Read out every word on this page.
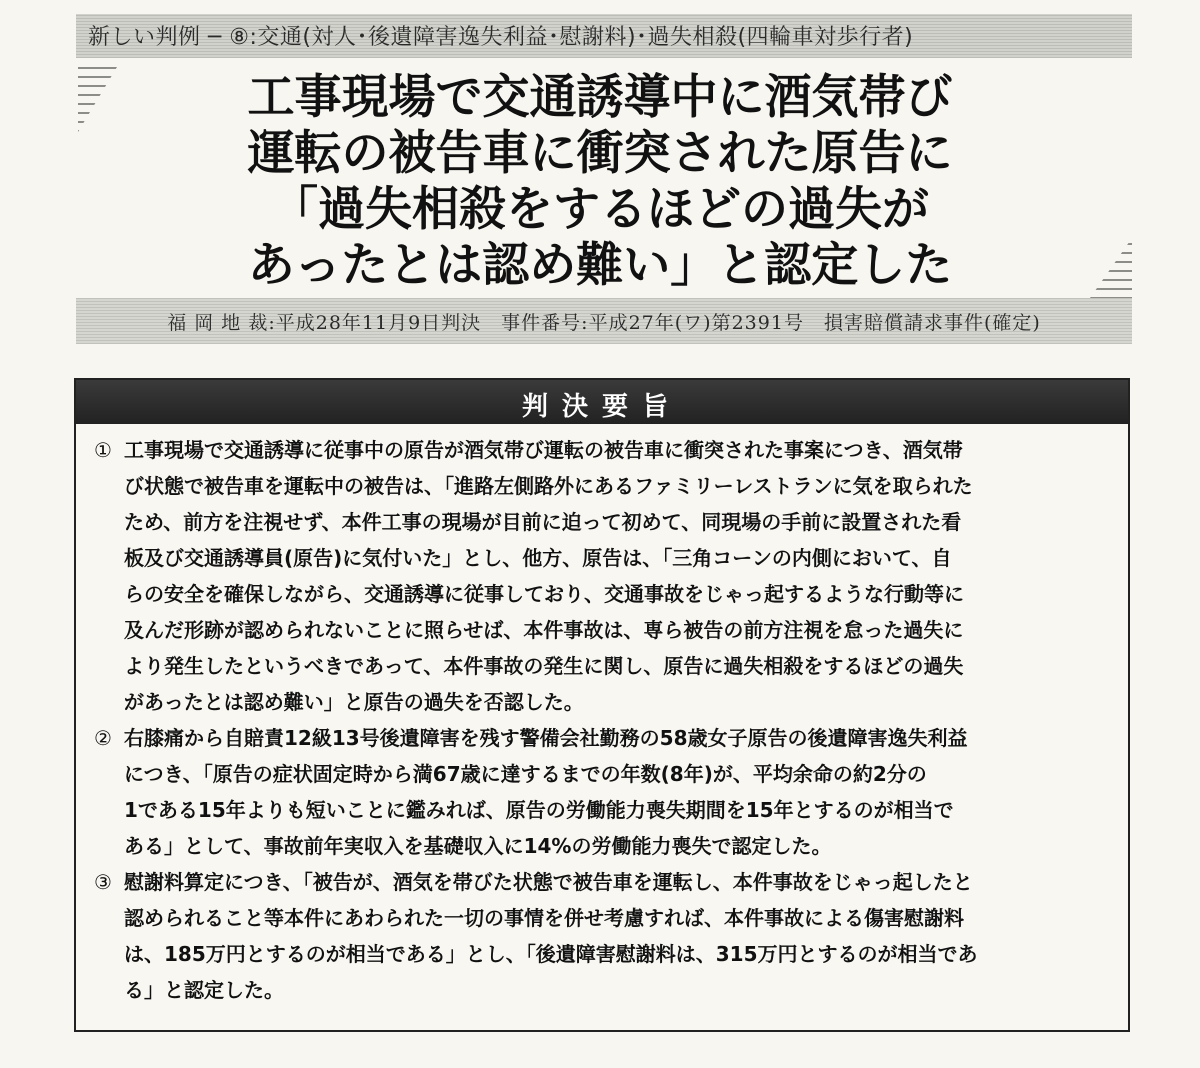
新しい判例 ─ ⑧:交通(対人･後遺障害逸失利益･慰謝料)･過失相殺(四輪車対歩行者)
工事現場で交通誘導中に酒気帯び
運転の被告車に衝突された原告に
「過失相殺をするほどの過失が
あったとは認め難い」と認定した
福 岡 地 裁:平成28年11月9日判決　事件番号:平成27年(ワ)第2391号　損害賠償請求事件(確定)
判決要旨
① 工事現場で交通誘導に従事中の原告が酒気帯び運転の被告車に衝突された事案につき、酒気帯
び状態で被告車を運転中の被告は、「進路左側路外にあるファミリーレストランに気を取られた
ため、前方を注視せず、本件工事の現場が目前に迫って初めて、同現場の手前に設置された看
板及び交通誘導員(原告)に気付いた」とし、他方、原告は、「三角コーンの内側において、自
らの安全を確保しながら、交通誘導に従事しており、交通事故をじゃっ起するような行動等に
及んだ形跡が認められないことに照らせば、本件事故は、専ら被告の前方注視を怠った過失に
より発生したというべきであって、本件事故の発生に関し、原告に過失相殺をするほどの過失
があったとは認め難い」と原告の過失を否認した。
② 右膝痛から自賠責12級13号後遺障害を残す警備会社勤務の58歳女子原告の後遺障害逸失利益
につき、「原告の症状固定時から満67歳に達するまでの年数(8年)が、平均余命の約2分の
1である15年よりも短いことに鑑みれば、原告の労働能力喪失期間を15年とするのが相当で
ある」として、事故前年実収入を基礎収入に14%の労働能力喪失で認定した。
③ 慰謝料算定につき、「被告が、酒気を帯びた状態で被告車を運転し、本件事故をじゃっ起したと
認められること等本件にあわられた一切の事情を併せ考慮すれば、本件事故による傷害慰謝料
は、185万円とするのが相当である」とし、「後遺障害慰謝料は、315万円とするのが相当であ
る」と認定した。
